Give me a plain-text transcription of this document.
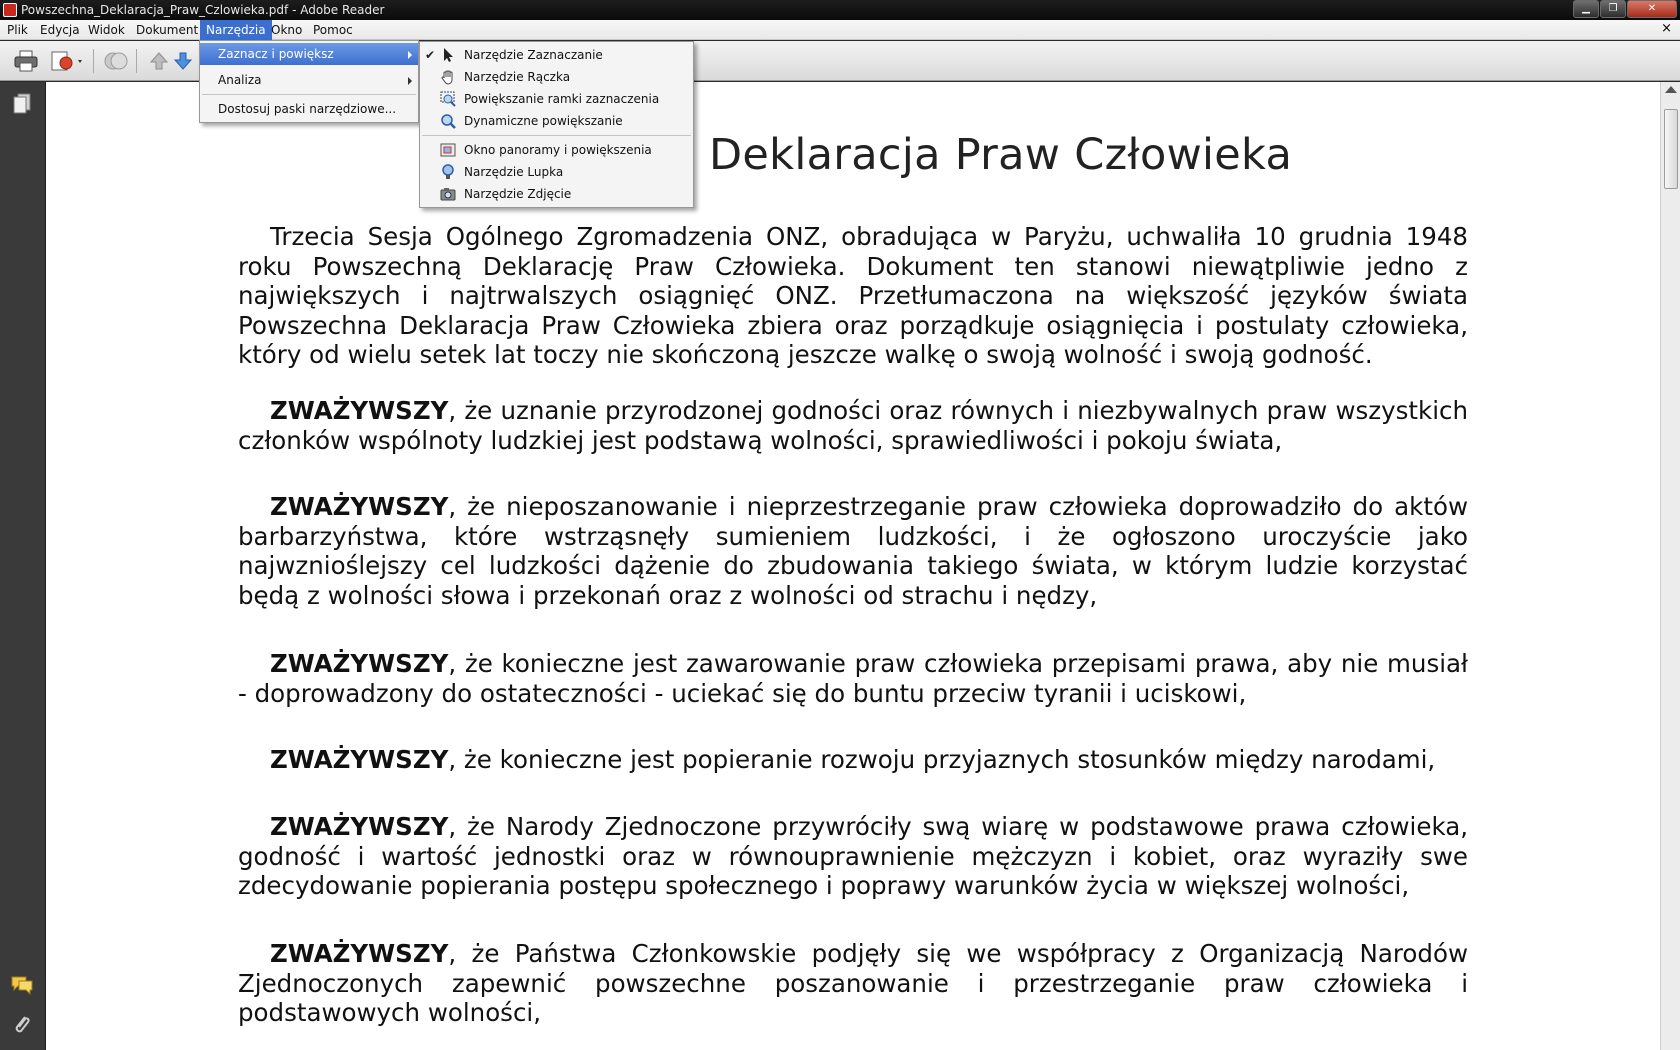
Powszechna_Deklaracja_Praw_Czlowieka.pdf - Adobe Reader	▁	❐	✕
Plik	Edycja Widok Dokument Narzędzia Okno Pomoc	×
Deklaracja Praw Człowieka
Trzecia Sesja Ogólnego Zgromadzenia ONZ, obradująca w Paryżu, uchwaliła 10 grudnia 1948 roku Powszechną Deklarację Praw Człowieka. Dokument ten stanowi niewątpliwie jedno z największych i najtrwalszych osiągnięć ONZ. Przetłumaczona na większość języków świata Powszechna Deklaracja Praw Człowieka zbiera oraz porządkuje osiągnięcia i postulaty człowieka, który od wielu setek lat toczy nie skończoną jeszcze walkę o swoją wolność i swoją godność.
ZWAŻYWSZY, że uznanie przyrodzonej godności oraz równych i niezbywalnych praw wszystkich członków wspólnoty ludzkiej jest podstawą wolności, sprawiedliwości i pokoju świata,
ZWAŻYWSZY, że nieposzanowanie i nieprzestrzeganie praw człowieka doprowadziło do aktów barbarzyństwa, które wstrząsnęły sumieniem ludzkości, i że ogłoszono uroczyście jako najwznioślejszy cel ludzkości dążenie do zbudowania takiego świata, w którym ludzie korzystać będą z wolności słowa i przekonań oraz z wolności od strachu i nędzy,
ZWAŻYWSZY, że konieczne jest zawarowanie praw człowieka przepisami prawa, aby nie musiał - doprowadzony do ostateczności - uciekać się do buntu przeciw tyranii i uciskowi,
ZWAŻYWSZY, że konieczne jest popieranie rozwoju przyjaznych stosunków między narodami,
ZWAŻYWSZY, że Narody Zjednoczone przywróciły swą wiarę w podstawowe prawa człowieka, godność i wartość jednostki oraz w równouprawnienie mężczyzn i kobiet, oraz wyraziły swe zdecydowanie popierania postępu społecznego i poprawy warunków życia w większej wolności,
ZWAŻYWSZY, że Państwa Członkowskie podjęły się we współpracy z Organizacją Narodów Zjednoczonych zapewnić powszechne poszanowanie i przestrzeganie praw człowieka i podstawowych wolności,
Zaznacz i powiększ
Analiza
Dostosuj paski narzędziowe...
✔ Narzędzie Zaznaczanie
Narzędzie Rączka
Powiększanie ramki zaznaczenia
Dynamiczne powiększanie
Okno panoramy i powiększenia
Narzędzie Lupka
Narzędzie Zdjęcie
